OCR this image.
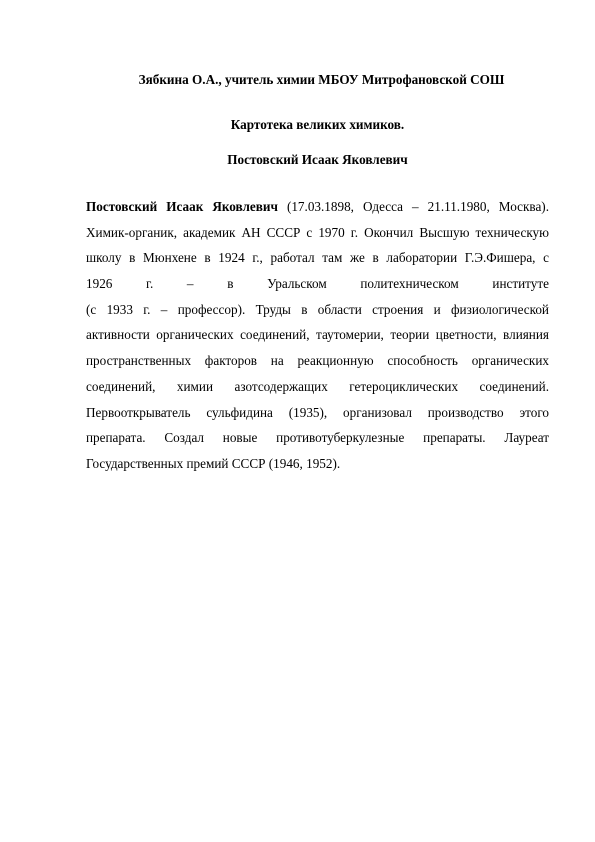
Зябкина О.А., учитель химии МБОУ Митрофановской СОШ

Картотека великих химиков.

Постовский Исаак Яковлевич

Постовский Исаак Яковлевич (17.03.1898, Одесса – 21.11.1980, Москва).
Химик-органик, академик АН СССР с 1970 г. Окончил Высшую техническую
школу в Мюнхене в 1924 г., работал там же в лаборатории Г.Э.Фишера, с
1926 г. – в Уральском политехническом институте
(с 1933 г. – профессор). Труды в области строения и физиологической
активности органических соединений, таутомерии, теории цветности, влияния
пространственных факторов на реакционную способность органических
соединений, химии азотсодержащих гетероциклических соединений.
Первооткрыватель сульфидина (1935), организовал производство этого
препарата. Создал новые противотуберкулезные препараты. Лауреат
Государственных премий СССР (1946, 1952).
